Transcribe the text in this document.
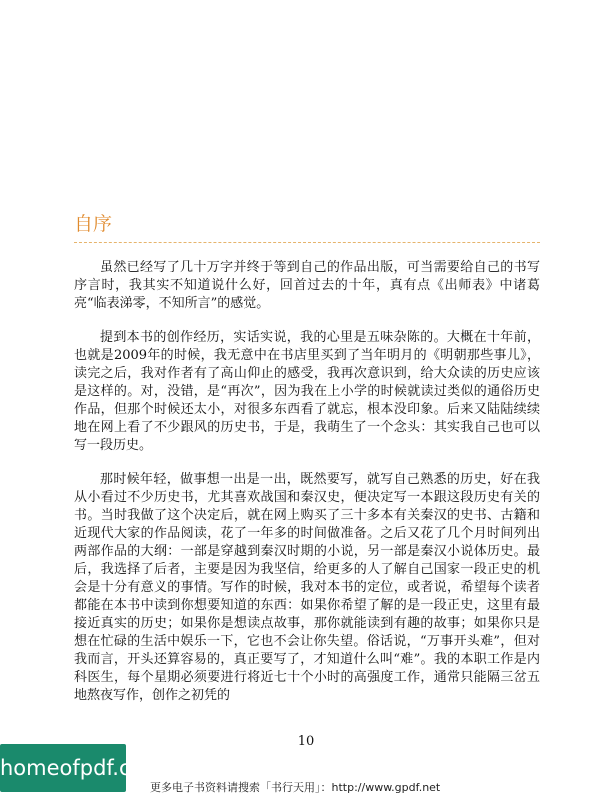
自序

虽然已经写了几十万字并终于等到自己的作品出版，可当需要给自己的书写序言时，我其实不知道说什么好，回首过去的十年，真有点《出师表》中诸葛亮“临表涕零，不知所言”的感觉。

提到本书的创作经历，实话实说，我的心里是五味杂陈的。大概在十年前，也就是2009年的时候，我无意中在书店里买到了当年明月的《明朝那些事儿》，读完之后，我对作者有了高山仰止的感受，我再次意识到，给大众读的历史应该是这样的。对，没错，是“再次”，因为我在上小学的时候就读过类似的通俗历史作品，但那个时候还太小，对很多东西看了就忘，根本没印象。后来又陆陆续续地在网上看了不少跟风的历史书，于是，我萌生了一个念头：其实我自己也可以写一段历史。

那时候年轻，做事想一出是一出，既然要写，就写自己熟悉的历史，好在我从小看过不少历史书，尤其喜欢战国和秦汉史，便决定写一本跟这段历史有关的书。当时我做了这个决定后，就在网上购买了三十多本有关秦汉的史书、古籍和近现代大家的作品阅读，花了一年多的时间做准备。之后又花了几个月时间列出两部作品的大纲：一部是穿越到秦汉时期的小说，另一部是秦汉小说体历史。最后，我选择了后者，主要是因为我坚信，给更多的人了解自己国家一段正史的机会是十分有意义的事情。写作的时候，我对本书的定位，或者说，希望每个读者都能在本书中读到你想要知道的东西：如果你希望了解的是一段正史，这里有最接近真实的历史；如果你是想读点故事，那你就能读到有趣的故事；如果你只是想在忙碌的生活中娱乐一下，它也不会让你失望。俗话说，“万事开头难”，但对我而言，开头还算容易的，真正要写了，才知道什么叫“难”。我的本职工作是内科医生，每个星期必须要进行将近七十个小时的高强度工作，通常只能隔三岔五地熬夜写作，创作之初凭的

10
homeofpdf.com
更多电子书资料请搜索「书行天用」：http://www.gpdf.net
